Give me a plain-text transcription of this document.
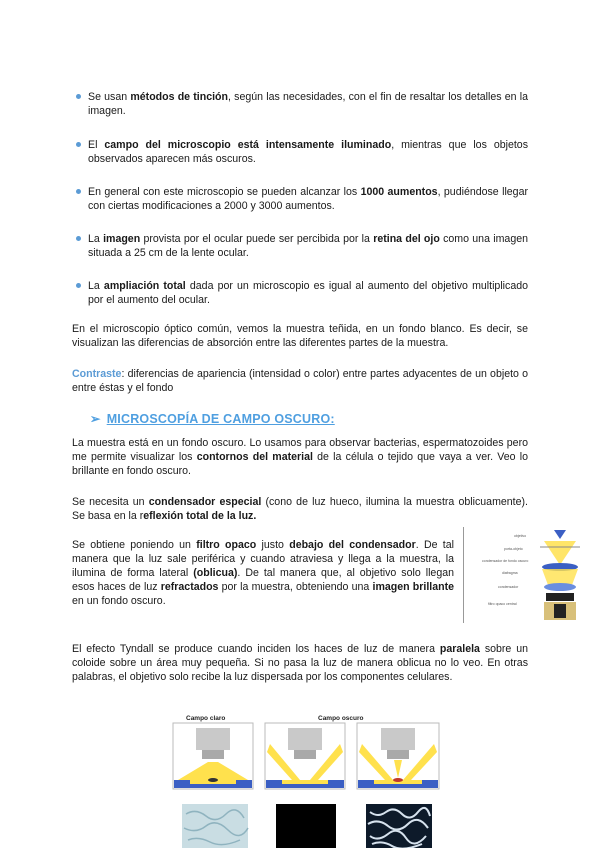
Se usan métodos de tinción, según las necesidades, con el fin de resaltar los detalles en la imagen.
El campo del microscopio está intensamente iluminado, mientras que los objetos observados aparecen más oscuros.
En general con este microscopio se pueden alcanzar los 1000 aumentos, pudiéndose llegar con ciertas modificaciones a 2000 y 3000 aumentos.
La imagen provista por el ocular puede ser percibida por la retina del ojo como una imagen situada a 25 cm de la lente ocular.
La ampliación total dada por un microscopio es igual al aumento del objetivo multiplicado por el aumento del ocular.
En el microscopio óptico común, vemos la muestra teñida, en un fondo blanco. Es decir, se visualizan las diferencias de absorción entre las diferentes partes de la muestra.
Contraste: diferencias de apariencia (intensidad o color) entre partes adyacentes de un objeto o entre éstas y el fondo
➢ MICROSCOPÍA DE CAMPO OSCURO:
La muestra está en un fondo oscuro. Lo usamos para observar bacterias, espermatozoides pero me permite visualizar los contornos del material de la célula o tejido que vaya a ver. Veo lo brillante en fondo oscuro.
Se necesita un condensador especial (cono de luz hueco, ilumina la muestra oblicuamente). Se basa en la reflexión total de la luz.
Se obtiene poniendo un filtro opaco justo debajo del condensador. De tal manera que la luz sale periférica y cuando atraviesa y llega a la muestra, la ilumina de forma lateral (oblicua). De tal manera que, al objetivo solo llegan esos haces de luz refractados por la muestra, obteniendo una imagen brillante en un fondo oscuro.
objetivo
porta-objeto
condensador de fondo oscuro
diafragma
condensador
filtro opaco central
El efecto Tyndall se produce cuando inciden los haces de luz de manera paralela sobre un coloide sobre un área muy pequeña. Si no pasa la luz de manera oblicua no lo veo. En otras palabras, el objetivo solo recibe la luz dispersada por los componentes celulares.
Campo claro	Campo oscuro
